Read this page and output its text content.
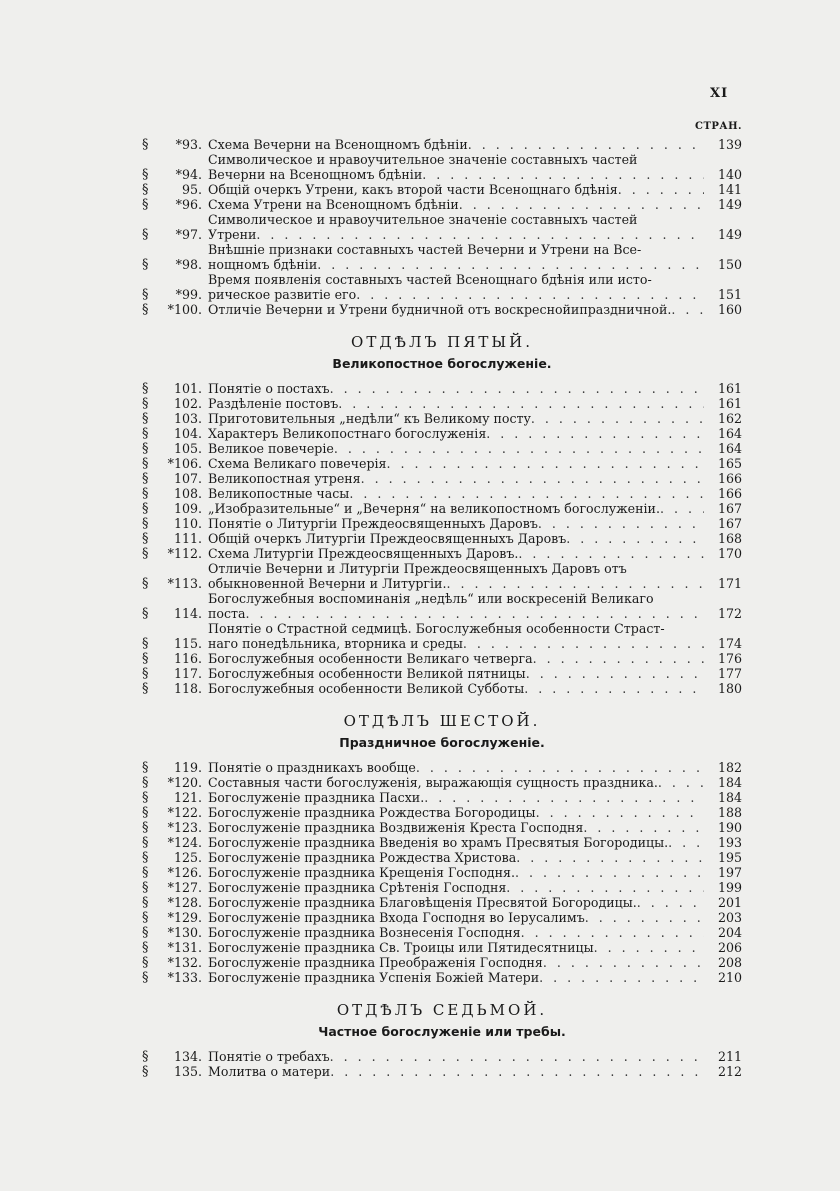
XI
СТРАН.
§	*93. Схема Вечерни на Всенощномъ бдѣніи . . .	139
§	*94.
Символическое и нравоучительное значеніе составныхъ частей
Вечерни на Всенощномъ бдѣніи . . .	140
§	95. Общій очеркъ Утрени, какъ второй части Всенощнаго бдѣнія . . .	141
§	*96. Схема Утрени на Всенощномъ бдѣніи . . .	149
§	*97.
Символическое и нравоучительное значеніе составныхъ частей
Утрени . . .	149
§	*98.
Внѣшніе признаки составныхъ частей Вечерни и Утрени на Все-
нощномъ бдѣніи . . .	150
§	*99.
Время появленія составныхъ частей Всенощнаго бдѣнія или исто-
рическое развитіе его . . .	151
§	*100. Отличіе Вечерни и Утрени будничной отъ воскреснойипраздничной. . . .	160
ОТДѢЛЪ ПЯТЫЙ.
Великопостное богослуженіе.
§	101. Понятіе о постахъ . . .	161
§	102. Раздѣленіе постовъ . . .	161
§	103. Приготовительныя „недѣли“ къ Великому посту . . .	162
§	104. Характеръ Великопостнаго богослуженія . . .	164
§	105. Великое повечеріе . . .	164
§	*106. Схема Великаго повечерія . . .	165
§	107. Великопостная утреня . . .	166
§	108. Великопостные часы . . .	166
§	109. „Изобразительные“ и „Вечерня“ на великопостномъ богослуженіи. . . .	167
§	110. Понятіе о Литургіи Преждеосвященныхъ Даровъ . . .	167
§	111. Общій очеркъ Литургіи Преждеосвященныхъ Даровъ . . .	168
§	*112. Схема Литургіи Преждеосвященныхъ Даровъ. . . .	170
§	*113.
Отличіе Вечерни и Литургіи Преждеосвященныхъ Даровъ отъ
обыкновенной Вечерни и Литургіи. . . .	171
§	114.
Богослужебныя воспоминанія „недѣль“ или воскресеній Великаго
поста . . .	172
§	115.
Понятіе о Страстной седмицѣ. Богослужебныя особенности Страст-
наго понедѣльника, вторника и среды . . .	174
§	116. Богослужебныя особенности Великаго четверга . . .	176
§	117. Богослужебныя особенности Великой пятницы . . .	177
§	118. Богослужебныя особенности Великой Субботы . . .	180
ОТДѢЛЪ ШЕСТОЙ.
Праздничное богослуженіе.
§	119. Понятіе о праздникахъ вообще . . .	182
§	*120. Составныя части богослуженія, выражающія сущность праздника. . . .	184
§	121. Богослуженіе праздника Пасхи. . . .	184
§	*122. Богослуженіе праздника Рождества Богородицы . . .	188
§	*123. Богослуженіе праздника Воздвиженія Креста Господня . . .	190
§	*124. Богослуженіе праздника Введенія во храмъ Пресвятыя Богородицы. . . .	193
§	125. Богослуженіе праздника Рождества Христова . . .	195
§	*126. Богослуженіе праздника Крещенія Господня. . . .	197
§	*127. Богослуженіе праздника Срѣтенія Господня . . .	199
§	*128. Богослуженіе праздника Благовѣщенія Пресвятой Богородицы. . . .	201
§	*129. Богослуженіе праздника Входа Господня во Іерусалимъ . . .	203
§	*130. Богослуженіе праздника Вознесенія Господня . . .	204
§	*131. Богослуженіе праздника Св. Троицы или Пятидесятницы . . .	206
§	*132. Богослуженіе праздника Преображенія Господня . . .	208
§	*133. Богослуженіе праздника Успенія Божіей Матери . . .	210
ОТДѢЛЪ СЕДЬМОЙ.
Частное богослуженіе или требы.
§	134. Понятіе о требахъ . . .	211
§	135. Молитва о матери . . .	212
